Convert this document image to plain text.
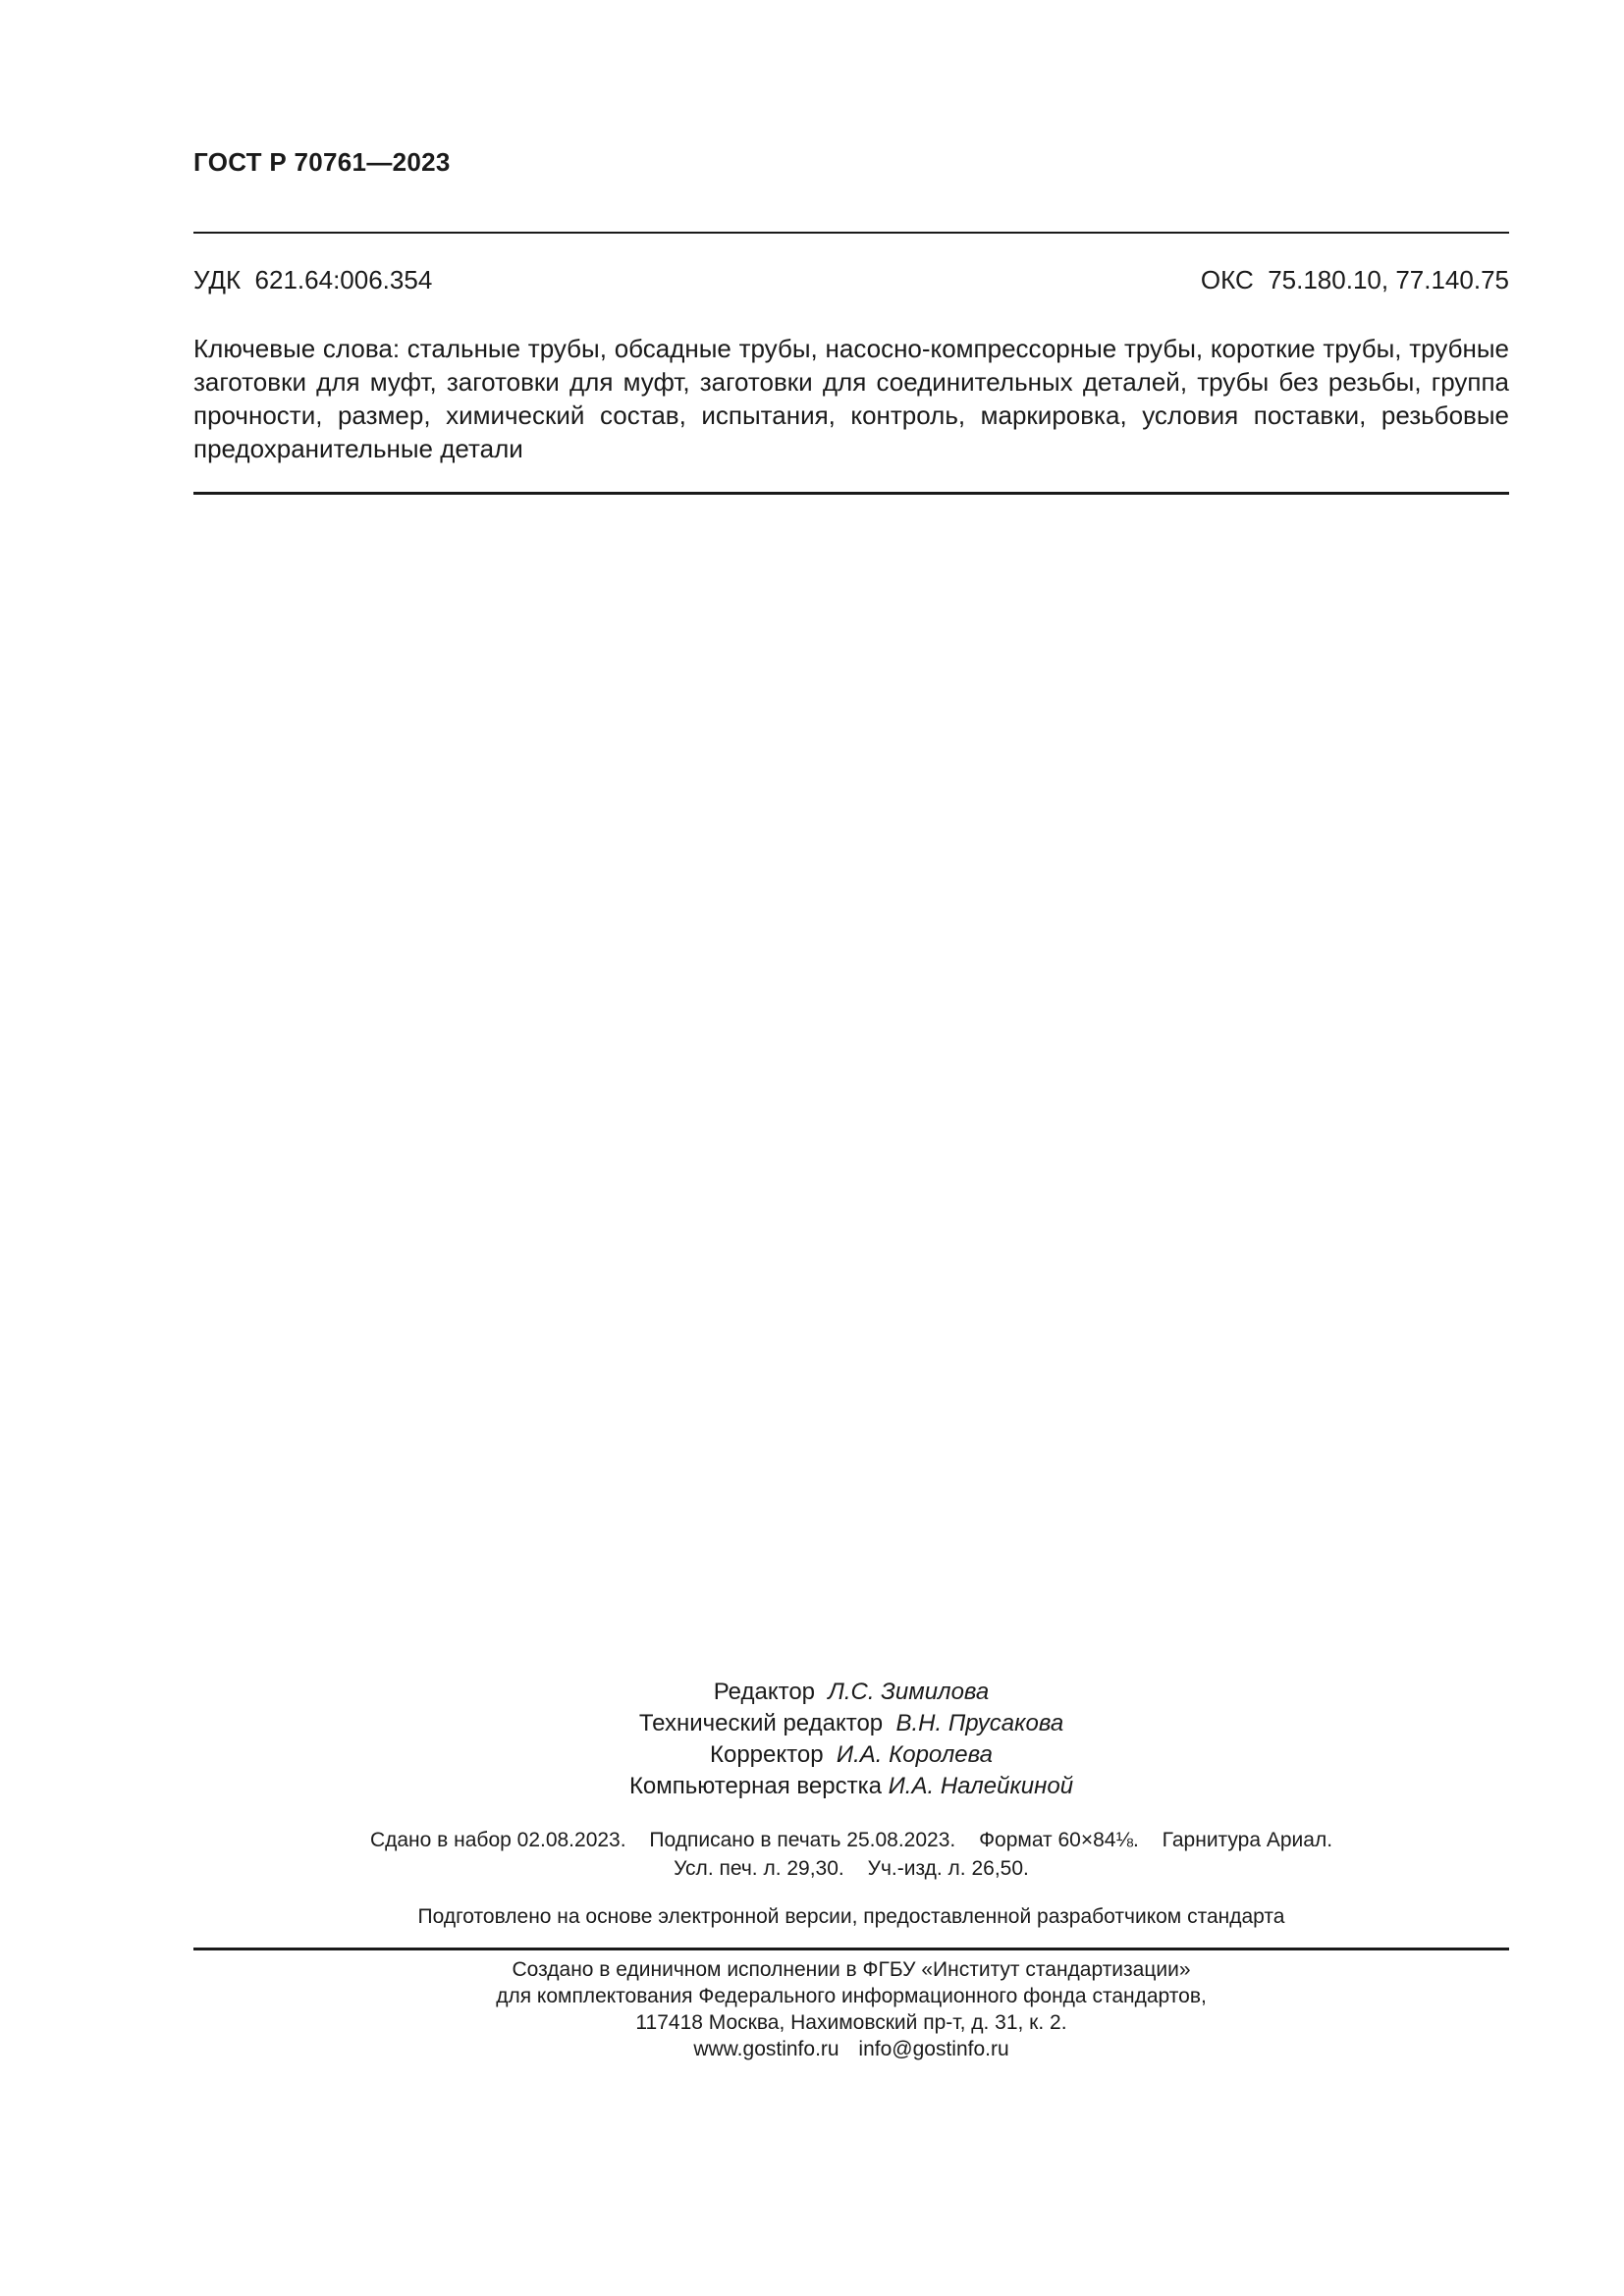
ГОСТ Р 70761—2023
УДК  621.64:006.354	ОКС  75.180.10, 77.140.75
Ключевые слова: стальные трубы, обсадные трубы, насосно-компрессорные трубы, короткие трубы, трубные заготовки для муфт, заготовки для муфт, заготовки для соединительных деталей, трубы без резьбы, группа прочности, размер, химический состав, испытания, контроль, маркировка, условия поставки, резьбовые предохранительные детали
Редактор Л.С. Зимилова
Технический редактор В.Н. Прусакова
Корректор И.А. Королева
Компьютерная верстка И.А. Налейкиной
Сдано в набор 02.08.2023. Подписано в печать 25.08.2023. Формат 60×84⅛. Гарнитура Ариал.
Усл. печ. л. 29,30. Уч.-изд. л. 26,50.
Подготовлено на основе электронной версии, предоставленной разработчиком стандарта
Создано в единичном исполнении в ФГБУ «Институт стандартизации»
для комплектования Федерального информационного фонда стандартов,
117418 Москва, Нахимовский пр-т, д. 31, к. 2.
www.gostinfo.ru info@gostinfo.ru
